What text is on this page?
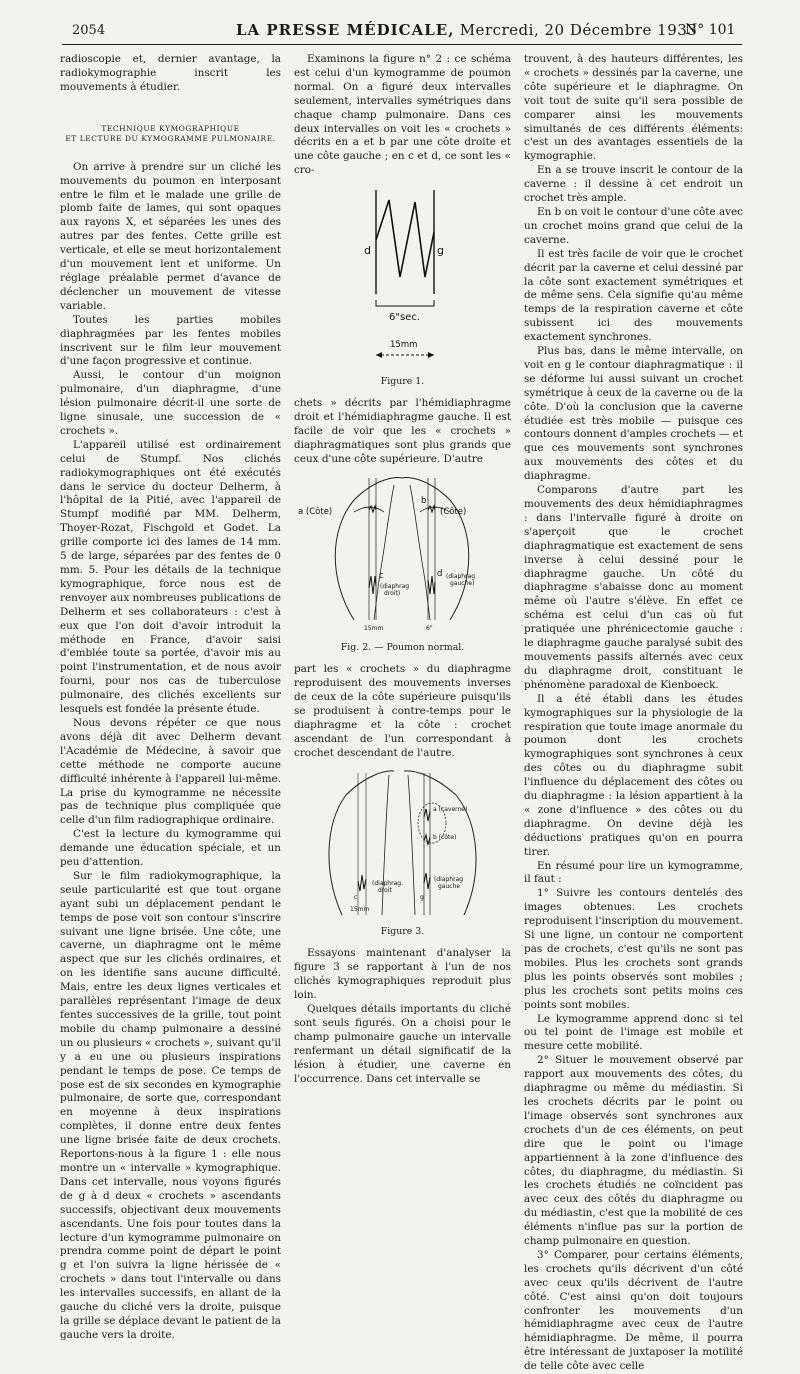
2054	LA PRESSE MÉDICALE, Mercredi, 20 Décembre 1933
N° 101

radioscopie et, dernier avantage, la radiokymographie inscrit les mouvements à étudier.

TECHNIQUE KYMOGRAPHIQUE
ET LECTURE DU KYMOGRAMME PULMONAIRE.

On arrive à prendre sur un cliché les mouvements du poumon en interposant entre le film et le malade une grille de plomb faite de lames, qui sont opaques aux rayons X, et séparées les unes des autres par des fentes. Cette grille est verticale, et elle se meut horizontalement d'un mouvement lent et uniforme. Un réglage préalable permet d'avance de déclencher un mouvement de vitesse variable.

Toutes les parties mobiles diaphragmées par les fentes mobiles inscrivent sur le film leur mouvement d'une façon progressive et continue.

Aussi, le contour d'un moignon pulmonaire, d'un diaphragme, d'une lésion pulmonaire décrit-il une sorte de ligne sinusale, une succession de « crochets ».

L'appareil utilisé est ordinairement celui de Stumpf. Nos clichés radiokymographiques ont été exécutés dans le service du docteur Delherm, à l'hôpital de la Pitié, avec l'appareil de Stumpf modifié par MM. Delherm, Thoyer-Rozat, Fischgold et Godet. La grille comporte ici des lames de 14 mm. 5 de large, séparées par des fentes de 0 mm. 5. Pour les détails de la technique kymographique, force nous est de renvoyer aux nombreuses publications de Delherm et ses collaborateurs : c'est à eux que l'on doit d'avoir introduit la méthode en France, d'avoir saisi d'emblée toute sa portée, d'avoir mis au point l'instrumentation, et de nous avoir fourni, pour nos cas de tuberculose pulmonaire, des clichés excellents sur lesquels est fondée la présente étude.

Nous devons répéter ce que nous avons déjà dit avec Delherm devant l'Académie de Médecine, à savoir que cette méthode ne comporte aucune difficulté inhérente à l'appareil lui-même. La prise du kymogramme ne nécessite pas de technique plus compliquée que celle d'un film radiographique ordinaire.

C'est la lecture du kymogramme qui demande une éducation spéciale, et un peu d'attention.

Sur le film radiokymographique, la seule particularité est que tout organe ayant subi un déplacement pendant le temps de pose voit son contour s'inscrire suivant une ligne brisée. Une côte, une caverne, un diaphragme ont le même aspect que sur les clichés ordinaires, et on les identifie sans aucune difficulté. Mais, entre les deux lignes verticales et parallèles représentant l'image de deux fentes successives de la grille, tout point mobile du champ pulmonaire a dessiné un ou plusieurs « crochets », suivant qu'il y a eu une ou plusieurs inspirations pendant le temps de pose. Ce temps de pose est de six secondes en kymographie pulmonaire, de sorte que, correspondant en moyenne à deux inspirations complètes, il donne entre deux fentes une ligne brisée faite de deux crochets. Reportons-nous à la figure 1 : elle nous montre un « intervalle » kymographique. Dans cet intervalle, nous voyons figurés de g à d deux « crochets » ascendants successifs, objectivant deux mouvements ascendants. Une fois pour toutes dans la lecture d'un kymogramme pulmonaire on prendra comme point de départ le point g et l'on suivra la ligne hérissée de « crochets » dans tout l'intervalle ou dans les intervalles successifs, en allant de la gauche du cliché vers la droite, puisque la grille se déplace devant le patient de la gauche vers la droite.

Examinons la figure n° 2 : ce schéma est celui d'un kymogramme de poumon normal. On a figuré deux intervalles seulement, intervalles symétriques dans chaque champ pulmonaire. Dans ces deux intervalles on voit les « crochets » décrits en a et b par une côte droite et une côte gauche ; en c et d, ce sont les « cro-

d	g
6"sec.

15mm
Figure 1.

chets » décrits par l'hémidiaphragme droit et l'hémidiaphragme gauche. Il est facile de voir que les « crochets » diaphragmatiques sont plus grands que ceux d'une côte supérieure. D'autre

a (Côte)	(Côte)
b
c
(diaphrag
droit)
d (diaphrag
gauche)
15mm	6"
Fig. 2. — Poumon normal.

part les « crochets » du diaphragme reproduisent des mouvements inverses de ceux de la côte supérieure puisqu'ils se produisent à contre-temps pour le diaphragme et la côte : crochet ascendant de l'un correspondant à crochet descendant de l'autre.

a (caverne)
b (côte)
(diaphrag.
droit
(diaphrag
gauche
g
c
15mm
Figure 3.

Essayons maintenant d'analyser la figure 3 se rapportant à l'un de nos clichés kymographiques reproduit plus loin.

Quelques détails importants du cliché sont seuls figurés. On a choisi pour le champ pulmonaire gauche un intervalle renfermant un détail significatif de la lésion à étudier, une caverne en l'occurrence. Dans cet intervalle se

trouvent, à des hauteurs différentes, les « crochets » dessinés par la caverne, une côte supérieure et le diaphragme. On voit tout de suite qu'il sera possible de comparer ainsi les mouvements simultanés de ces différents éléments: c'est un des avantages essentiels de la kymographie.

En a se trouve inscrit le contour de la caverne : il dessine à cet endroit un crochet très ample.

En b on voit le contour d'une côte avec un crochet moins grand que celui de la caverne.

Il est très facile de voir que le crochet décrit par la caverne et celui dessiné par la côte sont exactement symétriques et de même sens. Cela signifie qu'au même temps de la respiration caverne et côte subissent ici des mouvements exactement synchrones.

Plus bas, dans le même intervalle, on voit en g le contour diaphragmatique : il se déforme lui aussi suivant un crochet symétrique à ceux de la caverne ou de la côte. D'où la conclusion que la caverne étudiée est très mobile — puisque ces contours donnent d'amples crochets — et que ces mouvements sont synchrones aux mouvements des côtes et du diaphragme.

Comparons d'autre part les mouvements des deux hémidiaphragmes : dans l'intervalle figuré à droite on s'aperçoit que le crochet diaphragmatique est exactement de sens inverse à celui dessiné pour le diaphragme gauche. Un côté du diaphragme s'abaisse donc au moment même où l'autre s'élève. En effet ce schéma est celui d'un cas où fut pratiquée une phrénicectomie gauche : le diaphragme gauche paralysé subit des mouvements passifs alternés avec ceux du diaphragme droit, constituant le phénomène paradoxal de Kienboeck.

Il a été établi dans les études kymographiques sur la physiologie de la respiration que toute image anormale du poumon dont les crochets kymographiques sont synchrones à ceux des côtes ou du diaphragme subit l'influence du déplacement des côtes ou du diaphragme : la lésion appartient à la « zone d'influence » des côtes ou du diaphragme. On devine déjà les déductions pratiques qu'on en pourra tirer.

En résumé pour lire un kymogramme, il faut :

1° Suivre les contours dentelés des images obtenues. Les crochets reproduisent l'inscription du mouvement. Si une ligne, un contour ne comportent pas de crochets, c'est qu'ils ne sont pas mobiles. Plus les crochets sont grands plus les points observés sont mobiles ; plus les crochets sont petits moins ces points sont mobiles.

Le kymogramme apprend donc si tel ou tel point de l'image est mobile et mesure cette mobilité.

2° Situer le mouvement observé par rapport aux mouvements des côtes, du diaphragme ou même du médiastin. Si les crochets décrits par le point ou l'image observés sont synchrones aux crochets d'un de ces éléments, on peut dire que le point ou l'image appartiennent à la zone d'influence des côtes, du diaphragme, du médiastin. Si les crochets étudiés ne coïncident pas avec ceux des côtés du diaphragme ou du médiastin, c'est que la mobilité de ces éléments n'influe pas sur la portion de champ pulmonaire en question.

3° Comparer, pour certains éléments, les crochets qu'ils décrivent d'un côté avec ceux qu'ils décrivent de l'autre côté. C'est ainsi qu'on doit toujours confronter les mouvements d'un hémidiaphragme avec ceux de l'autre hémidiaphragme. De même, il pourra être intéressant de juxtaposer la motilité de telle côte avec celle
